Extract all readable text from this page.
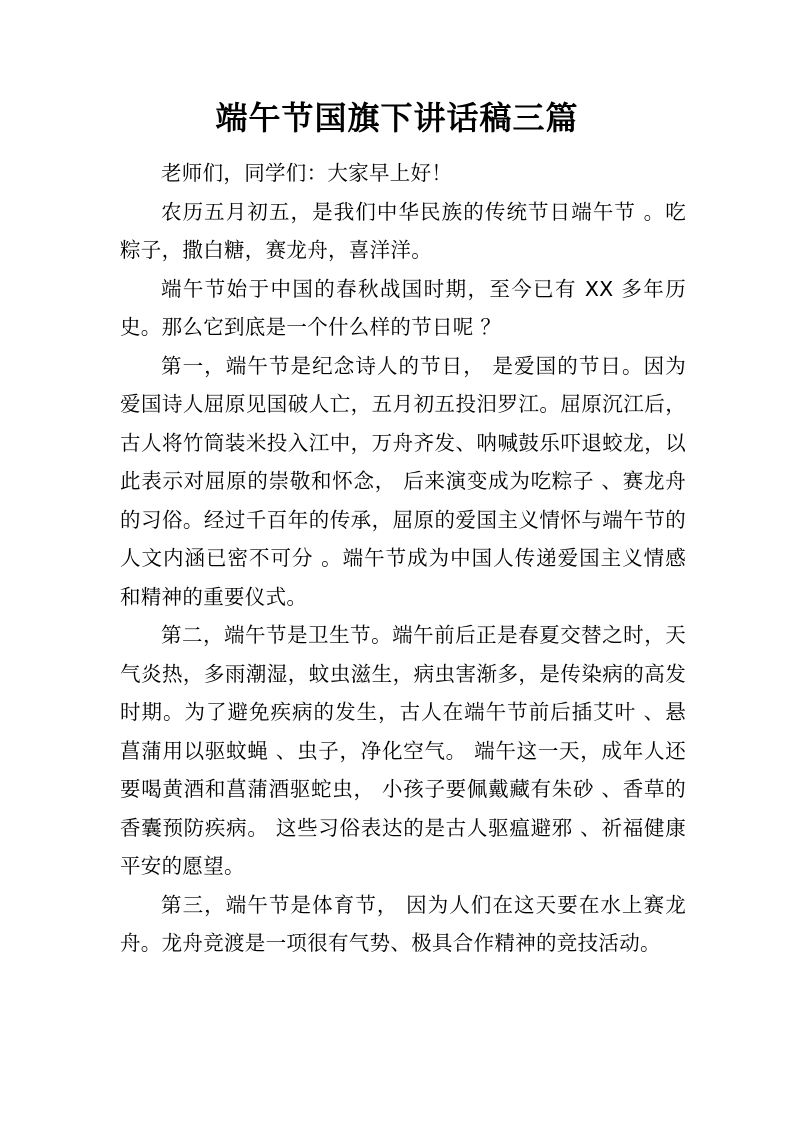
端午节国旗下讲话稿三篇

老师们，同学们：大家早上好！

农历五月初五，是我们中华民族的传统节日端午节 。吃粽子，撒白糖，赛龙舟，喜洋洋。

端午节始于中国的春秋战国时期，至今已有 XX 多年历史。那么它到底是一个什么样的节日呢 ？

第一，端午节是纪念诗人的节日， 是爱国的节日。因为爱国诗人屈原见国破人亡，五月初五投汨罗江。屈原沉江后，古人将竹筒装米投入江中，万舟齐发、呐喊鼓乐吓退蛟龙，以此表示对屈原的崇敬和怀念， 后来演变成为吃粽子 、赛龙舟的习俗。经过千百年的传承，屈原的爱国主义情怀与端午节的人文内涵已密不可分 。端午节成为中国人传递爱国主义情感和精神的重要仪式。

第二，端午节是卫生节。端午前后正是春夏交替之时，天气炎热，多雨潮湿，蚊虫滋生，病虫害渐多，是传染病的高发时期。为了避免疾病的发生，古人在端午节前后插艾叶 、悬菖蒲用以驱蚊蝇 、虫子，净化空气。 端午这一天，成年人还要喝黄酒和菖蒲酒驱蛇虫， 小孩子要佩戴藏有朱砂 、香草的香囊预防疾病。 这些习俗表达的是古人驱瘟避邪 、祈福健康平安的愿望。

第三，端午节是体育节， 因为人们在这天要在水上赛龙舟。龙舟竞渡是一项很有气势、极具合作精神的竞技活动。
